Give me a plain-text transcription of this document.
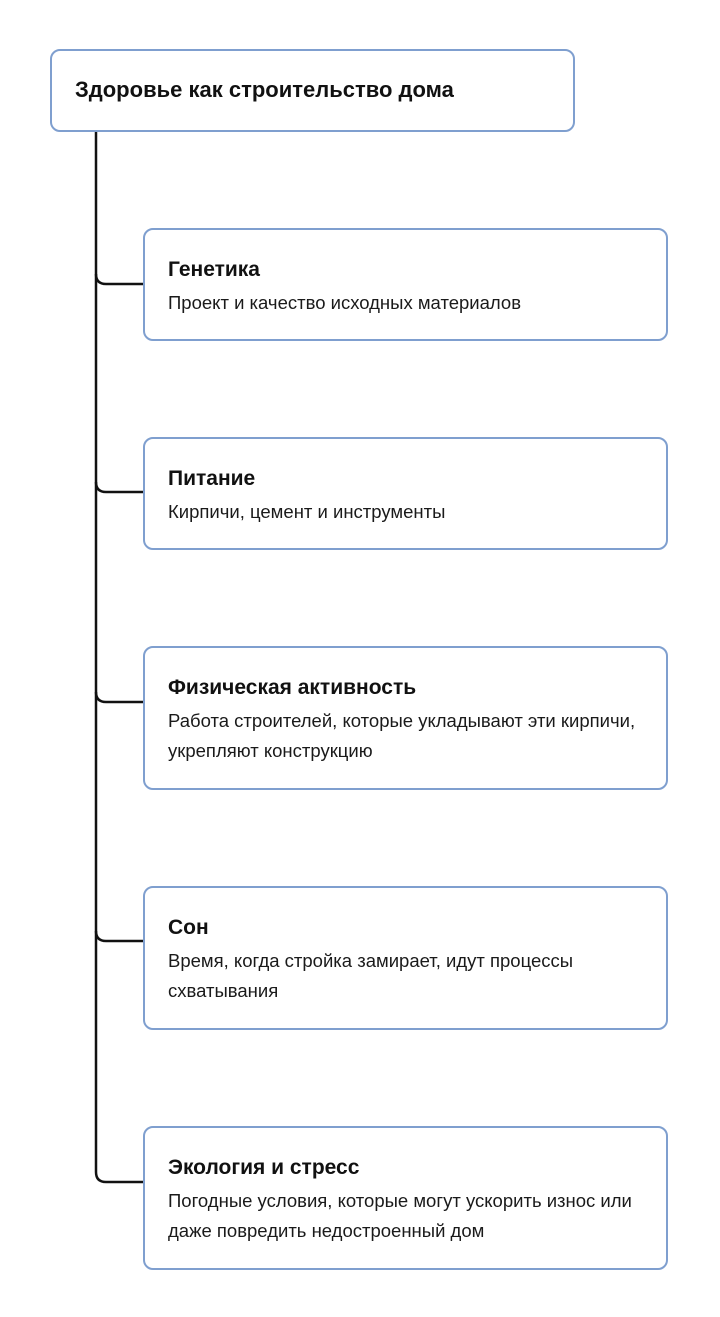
Здоровье как строительство дома
Генетика
Проект и качество исходных материалов
Питание
Кирпичи, цемент и инструменты
Физическая активность
Работа строителей, которые укладывают эти кирпичи, укрепляют конструкцию
Сон
Время, когда стройка замирает, идут процессы схватывания
Экология и стресс
Погодные условия, которые могут ускорить износ или даже повредить недостроенный дом
